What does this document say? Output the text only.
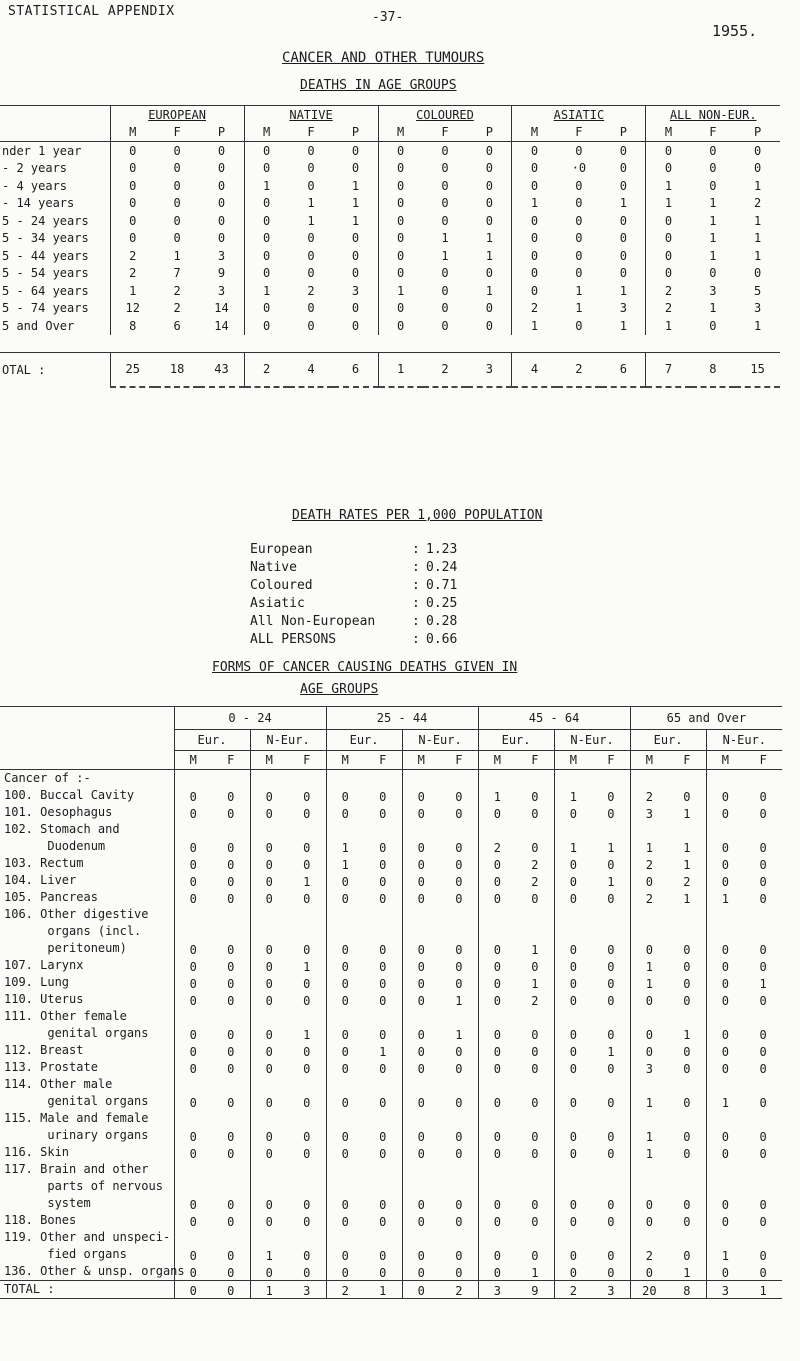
STATISTICAL APPENDIX	-37-
1955.
CANCER AND OTHER TUMOURS
DEATHS IN AGE GROUPS
	EUROPEAN			NATIVE			COLOURED			ASIATIC			ALL NON-EUR.		
	M	F	P	M	F	P	M	F	P	M	F	P	M	F	P
nder 1 year	0	0	0	0	0	0	0	0	0	0	0	0	0	0	0
- 2 years	0	0	0	0	0	0	0	0	0	0	·0	0	0	0	0
- 4 years	0	0	0	1	0	1	0	0	0	0	0	0	1	0	1
- 14 years	0	0	0	0	1	1	0	0	0	1	0	1	1	1	2
5 - 24 years	0	0	0	0	1	1	0	0	0	0	0	0	0	1	1
5 - 34 years	0	0	0	0	0	0	0	1	1	0	0	0	0	1	1
5 - 44 years	2	1	3	0	0	0	0	1	1	0	0	0	0	1	1
5 - 54 years	2	7	9	0	0	0	0	0	0	0	0	0	0	0	0
5 - 64 years	1	2	3	1	2	3	1	0	1	0	1	1	2	3	5
5 - 74 years	12	2	14	0	0	0	0	0	0	2	1	3	2	1	3
5 and Over	8	6	14	0	0	0	0	0	0	1	0	1	1	0	1

OTAL :	25	18	43	2	4	6	1	2	3	4	2	6	7	8	15
DEATH RATES PER 1,000 POPULATION
European	: 1.23
Native	: 0.24
Coloured	: 0.71
Asiatic	: 0.25
All Non-European	: 0.28
ALL PERSONS	: 0.66
FORMS OF CANCER CAUSING DEATHS GIVEN IN
AGE GROUPS
	0 - 24				25 - 44				45 - 64				65 and Over			
	Eur.		N-Eur.		Eur.		N-Eur.		Eur.		N-Eur.		Eur.		N-Eur.	
	M	F	M	F	M	F	M	F	M	F	M	F	M	F	M	F
Cancer of :-																
100. Buccal Cavity	0	0	0	0	0	0	0	0	1	0	1	0	2	0	0	0
101. Oesophagus	0	0	0	0	0	0	0	0	0	0	0	0	3	1	0	0
102. Stomach and
Duodenum	0	0	0	0	1	0	0	0	2	0	1	1	1	1	0	0
103. Rectum	0	0	0	0	1	0	0	0	0	2	0	0	2	1	0	0
104. Liver	0	0	0	1	0	0	0	0	0	2	0	1	0	2	0	0
105. Pancreas	0	0	0	0	0	0	0	0	0	0	0	0	2	1	1	0
106. Other digestive
organs (incl.
peritoneum)	0	0	0	0	0	0	0	0	0	1	0	0	0	0	0	0
107. Larynx	0	0	0	1	0	0	0	0	0	0	0	0	1	0	0	0
109. Lung	0	0	0	0	0	0	0	0	0	1	0	0	1	0	0	1
110. Uterus	0	0	0	0	0	0	0	1	0	2	0	0	0	0	0	0
111. Other female
genital organs	0	0	0	1	0	0	0	1	0	0	0	0	0	1	0	0
112. Breast	0	0	0	0	0	1	0	0	0	0	0	1	0	0	0	0
113. Prostate	0	0	0	0	0	0	0	0	0	0	0	0	3	0	0	0
114. Other male
genital organs	0	0	0	0	0	0	0	0	0	0	0	0	1	0	1	0
115. Male and female
urinary organs	0	0	0	0	0	0	0	0	0	0	0	0	1	0	0	0
116. Skin	0	0	0	0	0	0	0	0	0	0	0	0	1	0	0	0
117. Brain and other
parts of nervous
system	0	0	0	0	0	0	0	0	0	0	0	0	0	0	0	0
118. Bones	0	0	0	0	0	0	0	0	0	0	0	0	0	0	0	0
119. Other and unspeci-
fied organs	0	0	1	0	0	0	0	0	0	0	0	0	2	0	1	0
136. Other & unsp. organs	0	0	0	0	0	0	0	0	0	1	0	0	0	1	0	0
TOTAL :	0	0	1	3	2	1	0	2	3	9	2	3	20	8	3	1
